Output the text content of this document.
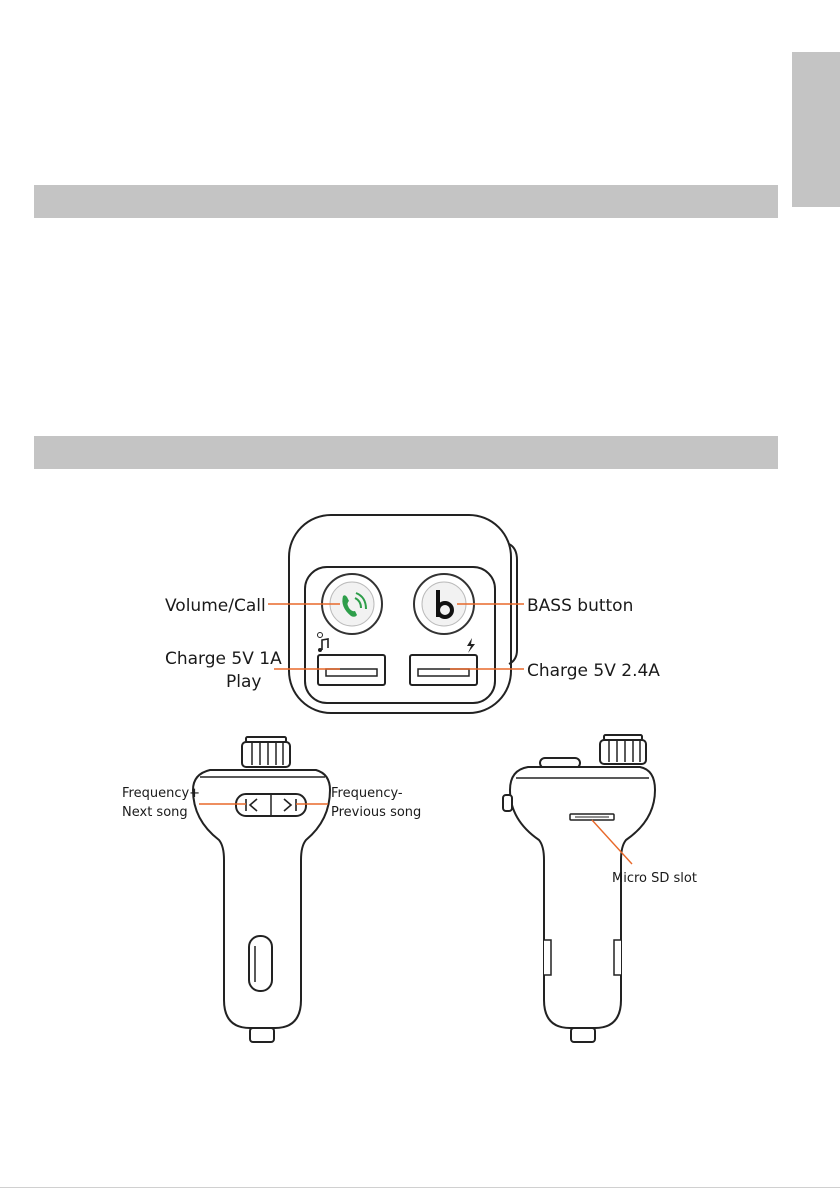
Volume/Call
Charge 5V 1A
Play
BASS button
Charge 5V 2.4A
Frequency+
Next song
Frequency-
Previous song
Micro SD slot
